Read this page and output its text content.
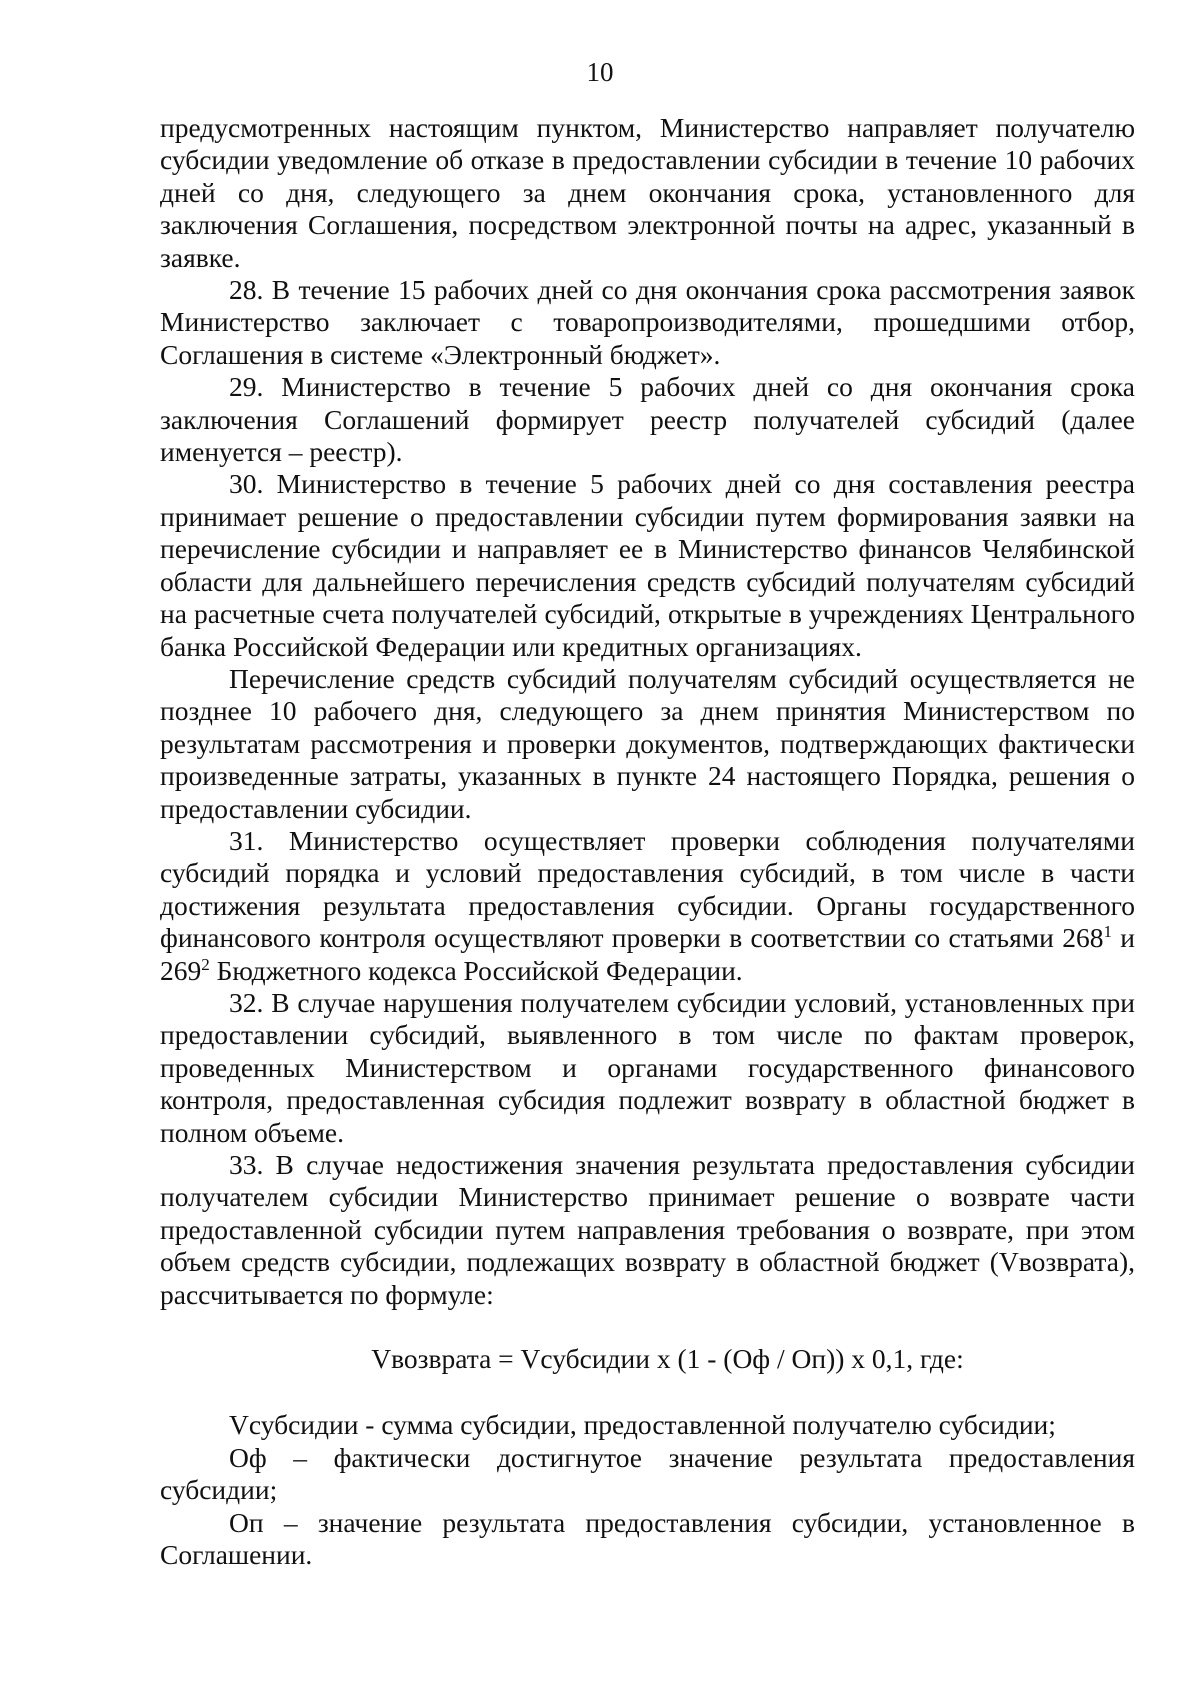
10

предусмотренных настоящим пунктом, Министерство направляет получателю субсидии уведомление об отказе в предоставлении субсидии в течение 10 рабочих дней со дня, следующего за днем окончания срока, установленного для заключения Соглашения, посредством электронной почты на адрес, указанный в заявке.

28. В течение 15 рабочих дней со дня окончания срока рассмотрения заявок Министерство заключает с товаропроизводителями, прошедшими отбор, Соглашения в системе «Электронный бюджет».

29. Министерство в течение 5 рабочих дней со дня окончания срока заключения Соглашений формирует реестр получателей субсидий (далее именуется – реестр).

30. Министерство в течение 5 рабочих дней со дня составления реестра принимает решение о предоставлении субсидии путем формирования заявки на перечисление субсидии и направляет ее в Министерство финансов Челябинской области для дальнейшего перечисления средств субсидий получателям субсидий на расчетные счета получателей субсидий, открытые в учреждениях Центрального банка Российской Федерации или кредитных организациях.

Перечисление средств субсидий получателям субсидий осуществляется не позднее 10 рабочего дня, следующего за днем принятия Министерством по результатам рассмотрения и проверки документов, подтверждающих фактически произведенные затраты, указанных в пункте 24 настоящего Порядка, решения о предоставлении субсидии.

31. Министерство осуществляет проверки соблюдения получателями субсидий порядка и условий предоставления субсидий, в том числе в части достижения результата предоставления субсидии. Органы государственного финансового контроля осуществляют проверки в соответствии со статьями $268^1$ и $269^2$ Бюджетного кодекса Российской Федерации.

32. В случае нарушения получателем субсидии условий, установленных при предоставлении субсидий, выявленного в том числе по фактам проверок, проведенных Министерством и органами государственного финансового контроля, предоставленная субсидия подлежит возврату в областной бюджет в полном объеме.

33. В случае недостижения значения результата предоставления субсидии получателем субсидии Министерство принимает решение о возврате части предоставленной субсидии путем направления требования о возврате, при этом объем средств субсидии, подлежащих возврату в областной бюджет (Vвозврата), рассчитывается по формуле:

Vвозврата = Vсубсидии x (1 - (Оф / Оп)) x 0,1, где:

Vсубсидии - сумма субсидии, предоставленной получателю субсидии;

Оф – фактически достигнутое значение результата предоставления субсидии;

Оп – значение результата предоставления субсидии, установленное в Соглашении.
